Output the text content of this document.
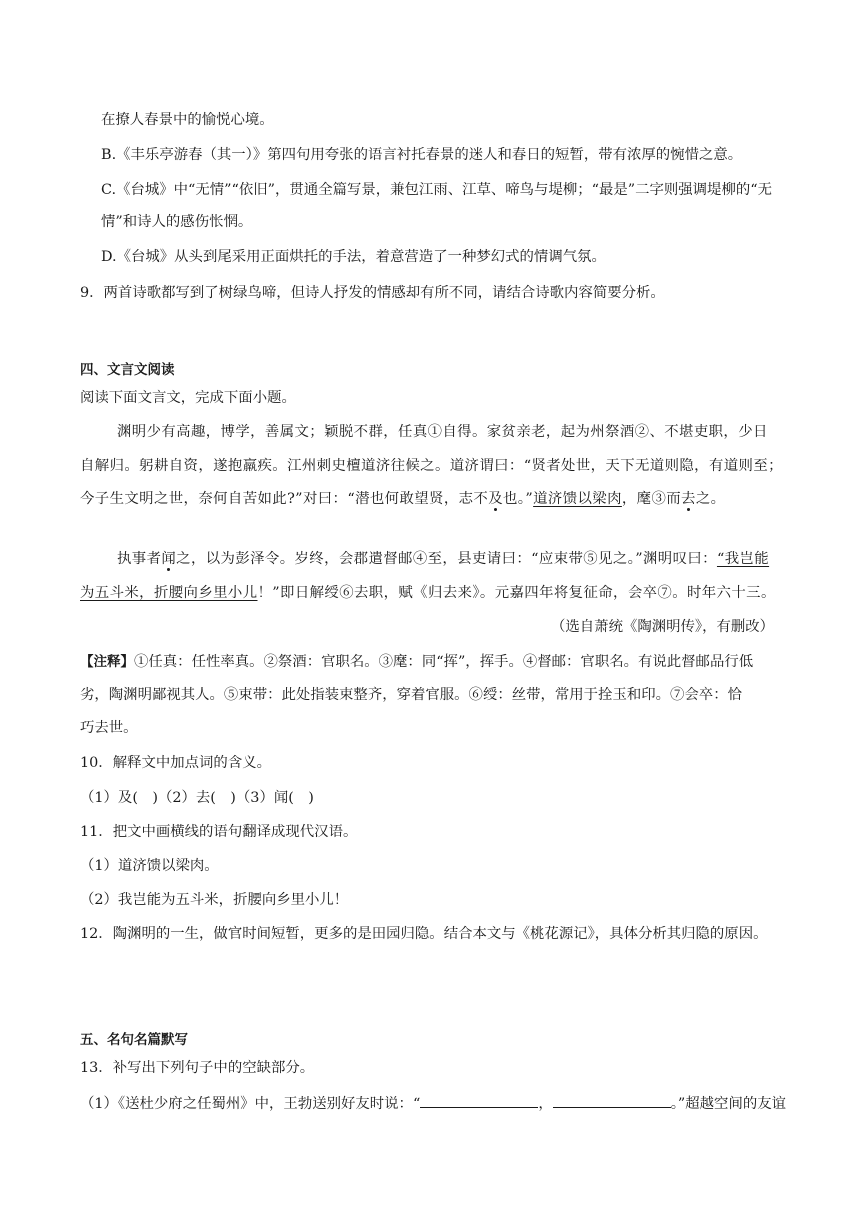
在撩人春景中的愉悦心境。
B.《丰乐亭游春（其一）》第四句用夸张的语言衬托春景的迷人和春日的短暂，带有浓厚的惋惜之意。
C.《台城》中“无情”“依旧”，贯通全篇写景，兼包江雨、江草、啼鸟与堤柳；“最是”二字则强调堤柳的“无
情”和诗人的感伤怅惘。
D.《台城》从头到尾采用正面烘托的手法，着意营造了一种梦幻式的情调气氛。
9．两首诗歌都写到了树绿鸟啼，但诗人抒发的情感却有所不同，请结合诗歌内容简要分析。
四、文言文阅读
阅读下面文言文，完成下面小题。
渊明少有高趣，博学，善属文；颖脱不群，任真①自得。家贫亲老，起为州祭酒②、不堪吏职，少日
自解归。躬耕自资，遂抱羸疾。江州刺史檀道济往候之。道济谓曰：“贤者处世，天下无道则隐，有道则至；
今子生文明之世，奈何自苦如此?”对曰：“潜也何敢望贤，志不及也。”道济馈以梁肉，麾③而去之。
执事者闻之，以为彭泽令。岁终，会郡遣督邮④至，县吏请曰：“应束带⑤见之。”渊明叹曰：“我岂能
为五斗米，折腰向乡里小儿！”即日解绶⑥去职，赋《归去来》。元嘉四年将复征命，会卒⑦。时年六十三。
（选自萧统《陶渊明传》，有删改）
【注释】①任真：任性率真。②祭酒：官职名。③麾：同“挥”，挥手。④督邮：官职名。有说此督邮品行低
劣，陶渊明鄙视其人。⑤束带：此处指装束整齐，穿着官服。⑥绶：丝带，常用于拴玉和印。⑦会卒：恰
巧去世。
10．解释文中加点词的含义。
（1）及(　)（2）去(　)（3）闻(　)
11．把文中画横线的语句翻译成现代汉语。
（1）道济馈以梁肉。
（2）我岂能为五斗米，折腰向乡里小儿！
12．陶渊明的一生，做官时间短暂，更多的是田园归隐。结合本文与《桃花源记》，具体分析其归隐的原因。
五、名句名篇默写
13．补写出下列句子中的空缺部分。
（1）《送杜少府之任蜀州》中，王勃送别好友时说：“	，	。”超越空间的友谊
